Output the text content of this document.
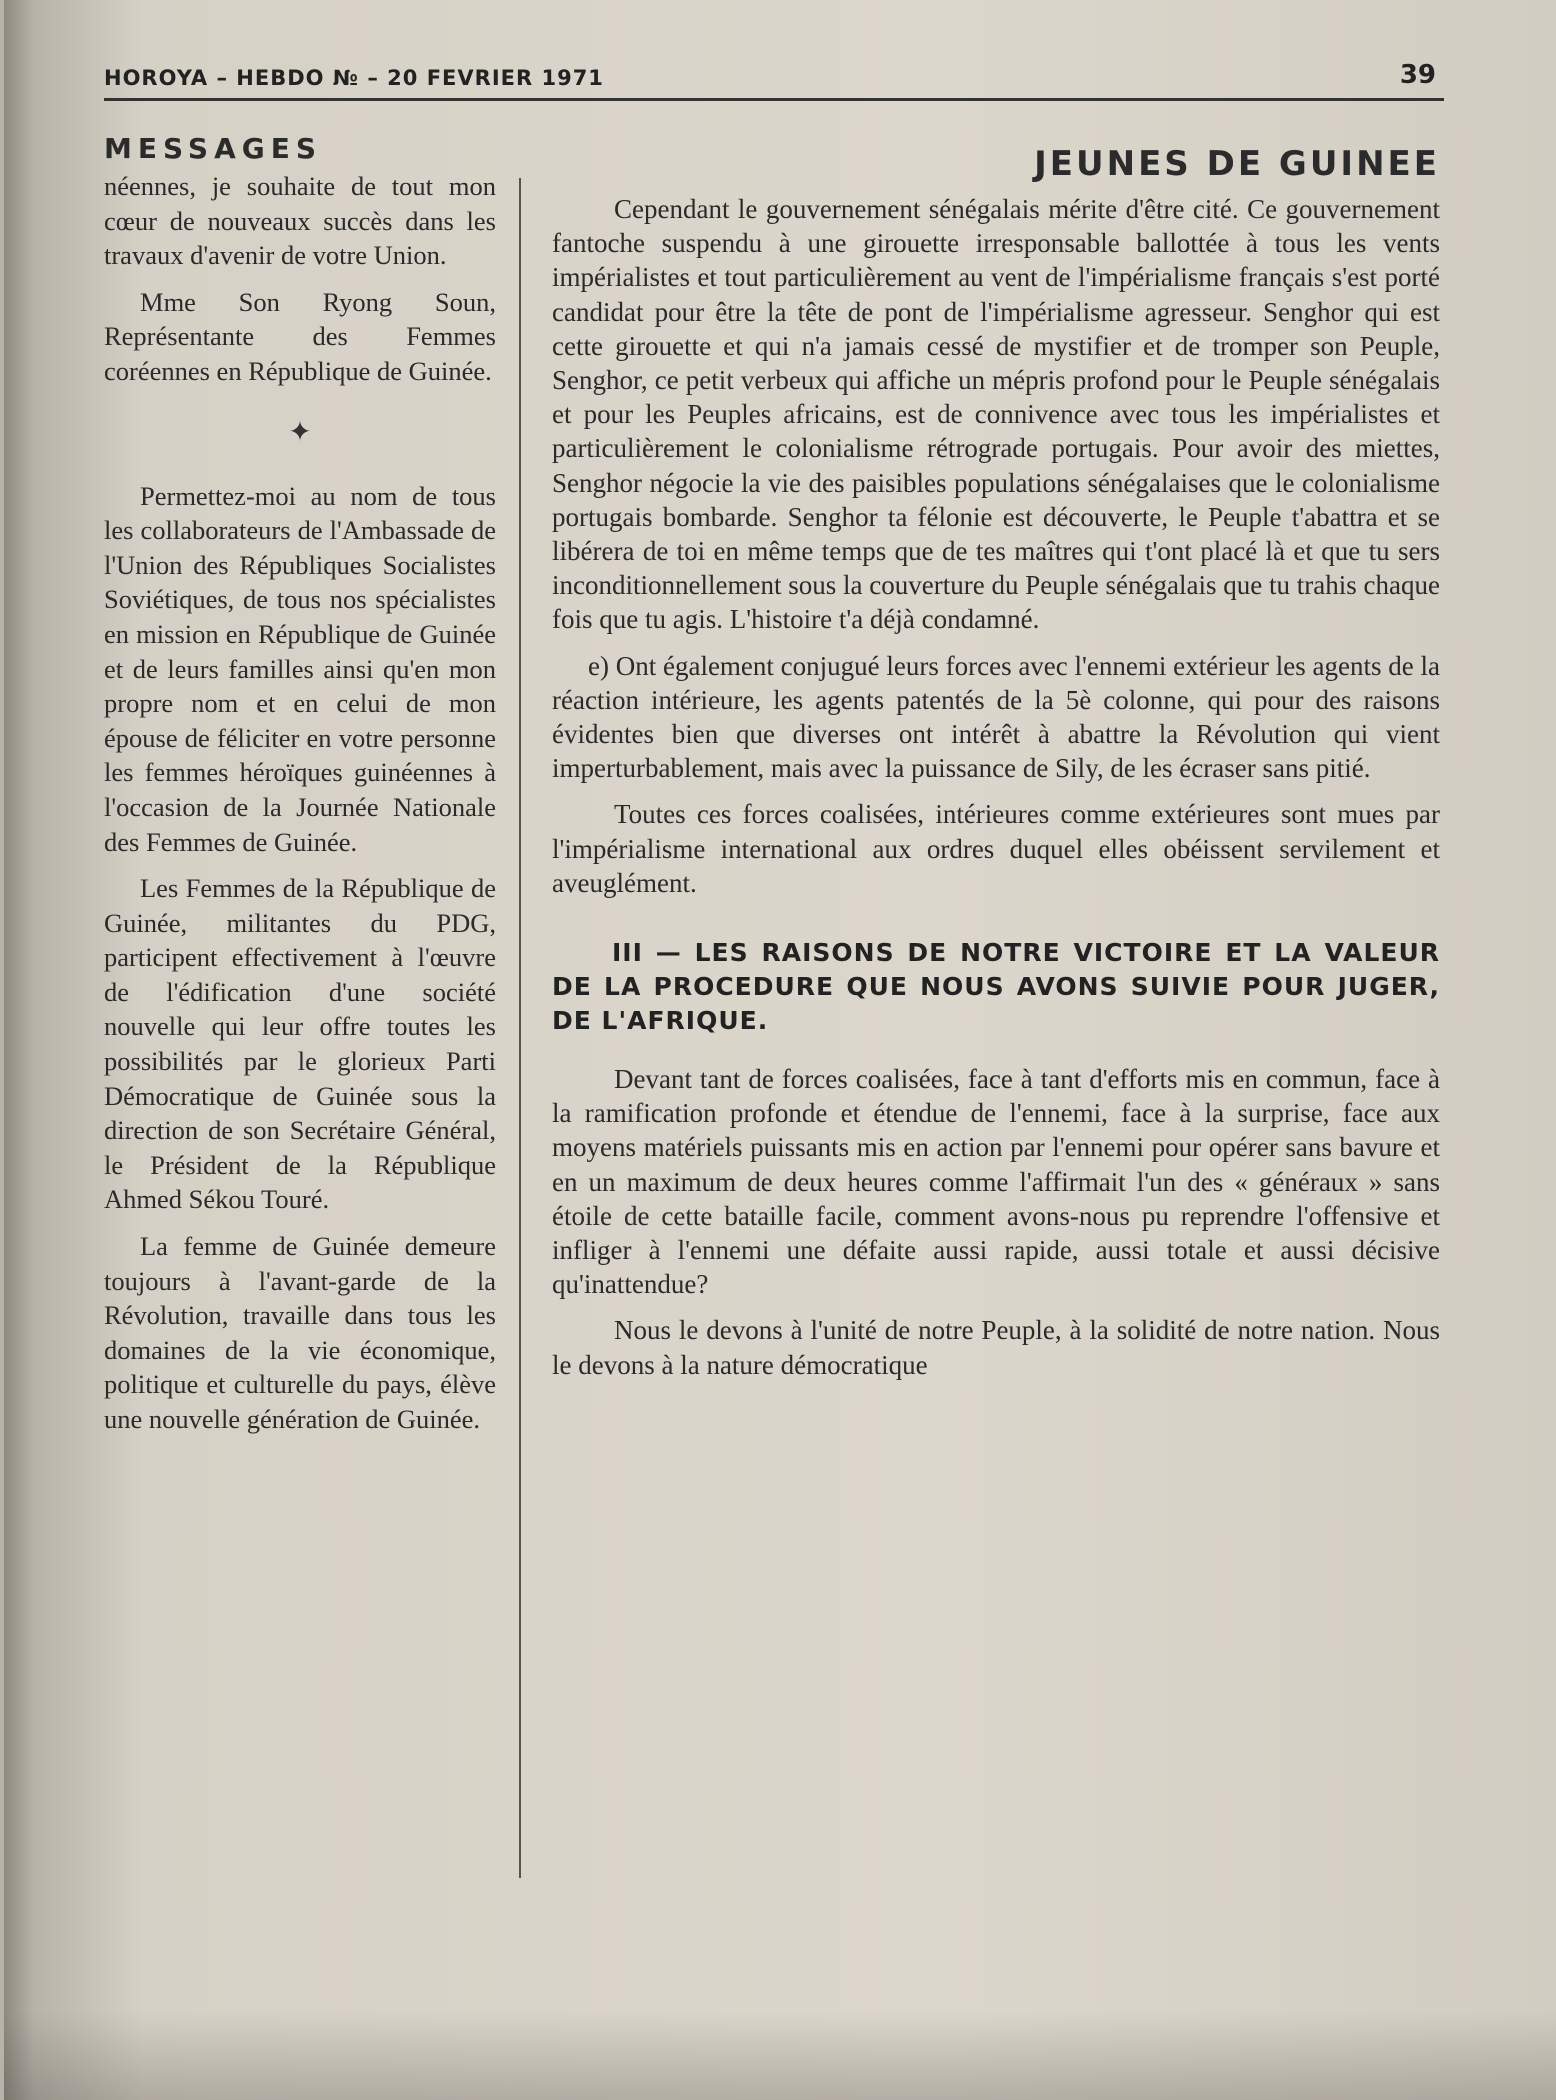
HOROYA – HEBDO № – 20 FEVRIER 1971	39
MESSAGES

néennes, je souhaite de tout mon cœur de nouveaux succès dans les travaux d'avenir de votre Union.

Mme Son Ryong Soun, Représentante des Femmes coréennes en République de Guinée.

✦

Permettez-moi au nom de tous les collaborateurs de l'Ambassade de l'Union des Républiques Socialistes Soviétiques, de tous nos spécialistes en mission en République de Guinée et de leurs familles ainsi qu'en mon propre nom et en celui de mon épouse de féliciter en votre personne les femmes héroïques guinéennes à l'occasion de la Journée Nationale des Femmes de Guinée.

Les Femmes de la République de Guinée, militantes du PDG, participent effectivement à l'œuvre de l'édification d'une société nouvelle qui leur offre toutes les possibilités par le glorieux Parti Démocratique de Guinée sous la direction de son Secrétaire Général, le Président de la République Ahmed Sékou Touré.

La femme de Guinée demeure toujours à l'avant-garde de la Révolution, travaille dans tous les domaines de la vie économique, politique et culturelle du pays, élève une nouvelle génération de Guinée.

JEUNES DE GUINEE

Cependant le gouvernement sénégalais mérite d'être cité. Ce gouvernement fantoche suspendu à une girouette irresponsable ballottée à tous les vents impérialistes et tout particulièrement au vent de l'impérialisme français s'est porté candidat pour être la tête de pont de l'impérialisme agresseur. Senghor qui est cette girouette et qui n'a jamais cessé de mystifier et de tromper son Peuple, Senghor, ce petit verbeux qui affiche un mépris profond pour le Peuple sénégalais et pour les Peuples africains, est de connivence avec tous les impérialistes et particulièrement le colonialisme rétrograde portugais. Pour avoir des miettes, Senghor négocie la vie des paisibles populations sénégalaises que le colonialisme portugais bombarde. Senghor ta félonie est découverte, le Peuple t'abattra et se libérera de toi en même temps que de tes maîtres qui t'ont placé là et que tu sers inconditionnellement sous la couverture du Peuple sénégalais que tu trahis chaque fois que tu agis. L'histoire t'a déjà condamné.

e) Ont également conjugué leurs forces avec l'ennemi extérieur les agents de la réaction intérieure, les agents patentés de la 5è colonne, qui pour des raisons évidentes bien que diverses ont intérêt à abattre la Révolution qui vient imperturbablement, mais avec la puissance de Sily, de les écraser sans pitié.

Toutes ces forces coalisées, intérieures comme extérieures sont mues par l'impérialisme international aux ordres duquel elles obéissent servilement et aveuglément.

III — LES RAISONS DE NOTRE VICTOIRE ET LA VALEUR DE LA PROCEDURE QUE NOUS AVONS SUIVIE POUR JUGER, DE L'AFRIQUE.

Devant tant de forces coalisées, face à tant d'efforts mis en commun, face à la ramification profonde et étendue de l'ennemi, face à la surprise, face aux moyens matériels puissants mis en action par l'ennemi pour opérer sans bavure et en un maximum de deux heures comme l'affirmait l'un des « généraux » sans étoile de cette bataille facile, comment avons-nous pu reprendre l'offensive et infliger à l'ennemi une défaite aussi rapide, aussi totale et aussi décisive qu'inattendue?

Nous le devons à l'unité de notre Peuple, à la solidité de notre nation. Nous le devons à la nature démocratique
